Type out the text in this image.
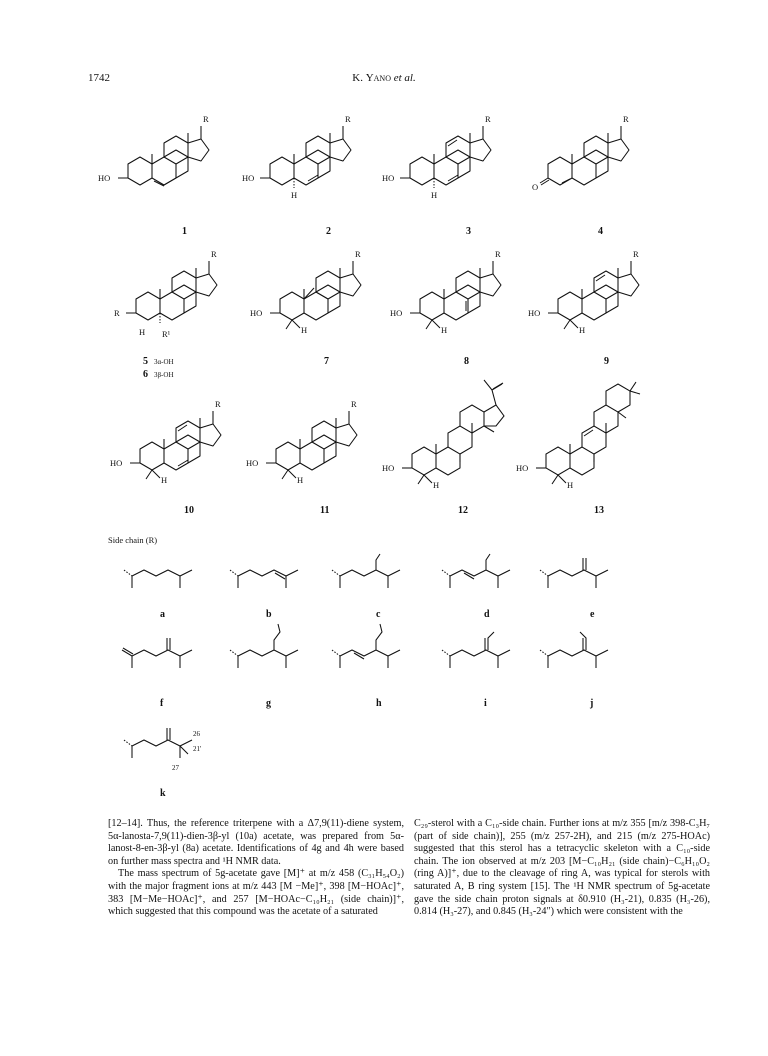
1742	K. Yano et al.
HO
R
1
HO
H
R
2
HO
H
R
3
O
R
4
R
H R¹
R
5 3α-OH
6 3β-OH
HO
H
R
7
HO
H
R
8
HO
H
R
9
HO
H
R
10
HO
H
R
11
HO
H
12
HO
H
13
Side chain (R)
26
21'
27
a	b	c	d	e
f	g	h	i	j
k

[12–14]. Thus, the reference triterpene with a Δ7,9(11)-diene system, 5α-lanosta-7,9(11)-dien-3β-yl (10a) acetate, was prepared from 5α-lanost-8-en-3β-yl (8a) acetate. Identifications of 4g and 4h were based on further mass spectra and ¹H NMR data.

The mass spectrum of 5g-acetate gave [M]⁺ at m/z 458 (C₃₁H₅₄O₂) with the major fragment ions at m/z 443 [M −Me]⁺, 398 [M−HOAc]⁺, 383 [M−Me−HOAc]⁺, and 257 [M−HOAc−C₁₀H₂₁ (side chain)]⁺, which suggested that this compound was the acetate of a saturated

C₂₉-sterol with a C₁₀-side chain. Further ions at m/z 355 [m/z 398-C₃H₇ (part of side chain)], 255 (m/z 257-2H), and 215 (m/z 275-HOAc) suggested that this sterol has a tetracyclic skeleton with a C₁₀-side chain. The ion observed at m/z 203 [M−C₁₀H₂₁ (side chain)−C₆H₁₀O₂ (ring A)]⁺, due to the cleavage of ring A, was typical for sterols with saturated A, B ring system [15]. The ¹H NMR spectrum of 5g-acetate gave the side chain proton signals at δ0.910 (H₃-21), 0.835 (H₃-26), 0.814 (H₃-27), and 0.845 (H₃-24″) which were consistent with the
